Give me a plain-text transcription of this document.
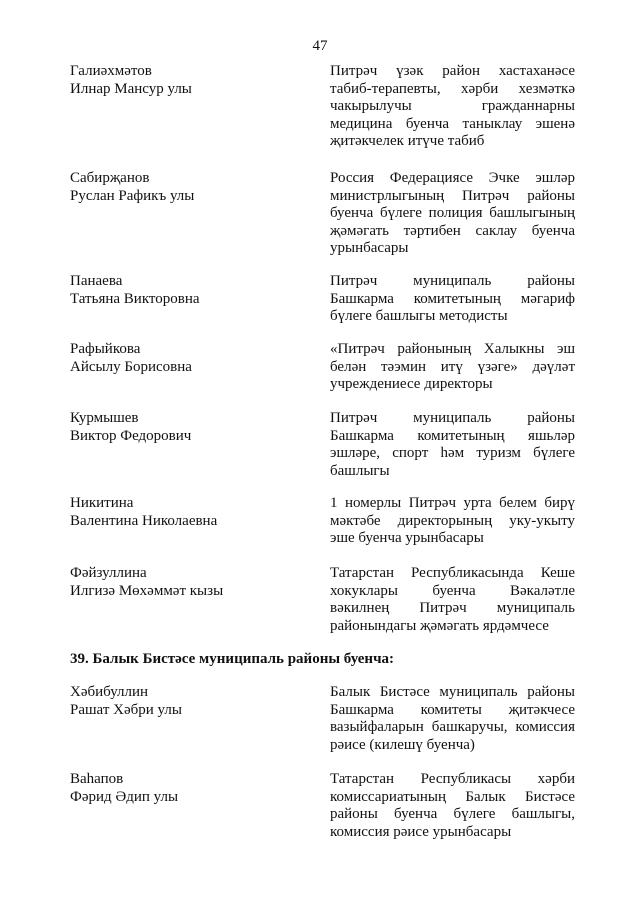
47
Галиәхмәтов
Илнар Мансур улы
Питрәч үзәк район хастаханәсе
табиб-терапевты, хәрби хезмәткә
чакырылучы гражданнарны
медицина буенча таныклау эшенә
җитәкчелек итүче табиб
Сабирҗанов
Руслан Рафикъ улы
Россия Федерациясе Эчке эшләр
министрлыгының Питрәч районы
буенча бүлеге полиция башлыгының
җәмәгать тәртибен саклау буенча
урынбасары
Панаева
Татьяна Викторовна
Питрәч муниципаль районы
Башкарма комитетының мәгариф
бүлеге башлыгы методисты
Рафыйкова
Айсылу Борисовна
«Питрәч районының Халыкны эш
белән тәэмин итү үзәге» дәүләт
учреждениесе директоры
Курмышев
Виктор Федорович
Питрәч муниципаль районы
Башкарма комитетының яшьләр
эшләре, спорт һәм туризм бүлеге
башлыгы
Никитина
Валентина Николаевна
1 номерлы Питрәч урта белем бирү
мәктәбе директорының уку-укыту
эше буенча урынбасары
Фәйзуллина
Илгизә Мөхәммәт кызы
Татарстан Республикасында Кеше
хокуклары буенча Вәкаләтле
вәкилнең Питрәч муниципаль
районындагы җәмәгать ярдәмчесе
39. Балык Бистәсе муниципаль районы буенча:
Хәбибуллин
Рашат Хәбри улы
Балык Бистәсе муниципаль районы
Башкарма комитеты җитәкчесе
вазыйфаларын башкаручы, комиссия
рәисе (килешү буенча)
Ваһапов
Фәрид Әдип улы
Татарстан Республикасы хәрби
комиссариатының Балык Бистәсе
районы буенча бүлеге башлыгы,
комиссия рәисе урынбасары
